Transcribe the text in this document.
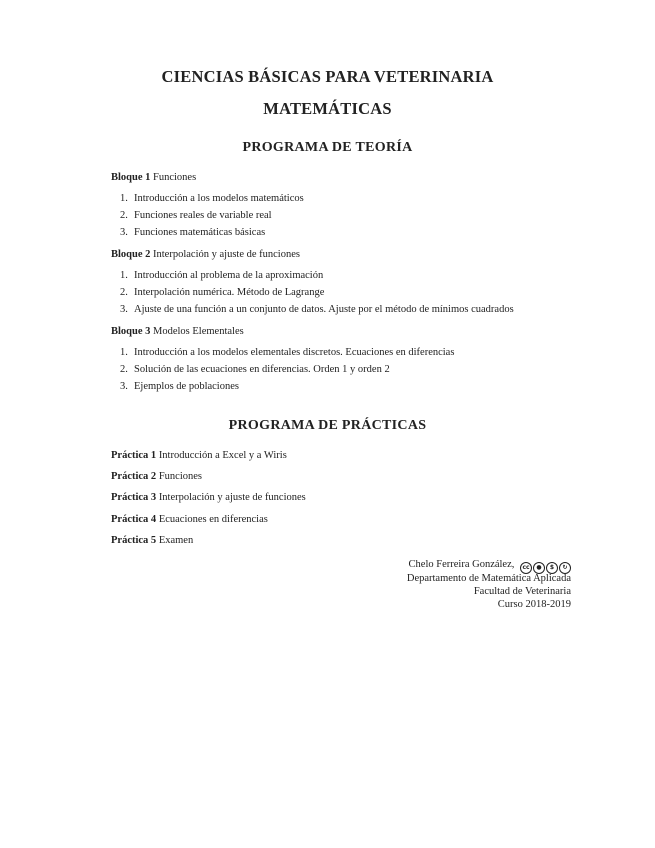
CIENCIAS BÁSICAS PARA VETERINARIA
MATEMÁTICAS
PROGRAMA DE TEORÍA
Bloque 1 Funciones
1. Introducción a los modelos matemáticos
2. Funciones reales de variable real
3. Funciones matemáticas básicas
Bloque 2 Interpolación y ajuste de funciones
1. Introducción al problema de la aproximación
2. Interpolación numérica. Método de Lagrange
3. Ajuste de una función a un conjunto de datos. Ajuste por el método de mínimos cuadrados
Bloque 3 Modelos Elementales
1. Introducción a los modelos elementales discretos. Ecuaciones en diferencias
2. Solución de las ecuaciones en diferencias. Orden 1 y orden 2
3. Ejemplos de poblaciones
PROGRAMA DE PRÁCTICAS
Práctica 1 Introducción a Excel y a Wiris
Práctica 2 Funciones
Práctica 3 Interpolación y ajuste de funciones
Práctica 4 Ecuaciones en diferencias
Práctica 5 Examen
Chelo Ferreira González,	cc	●	$	↻
Departamento de Matemática Aplicada
Facultad de Veterinaria
Curso 2018-2019
